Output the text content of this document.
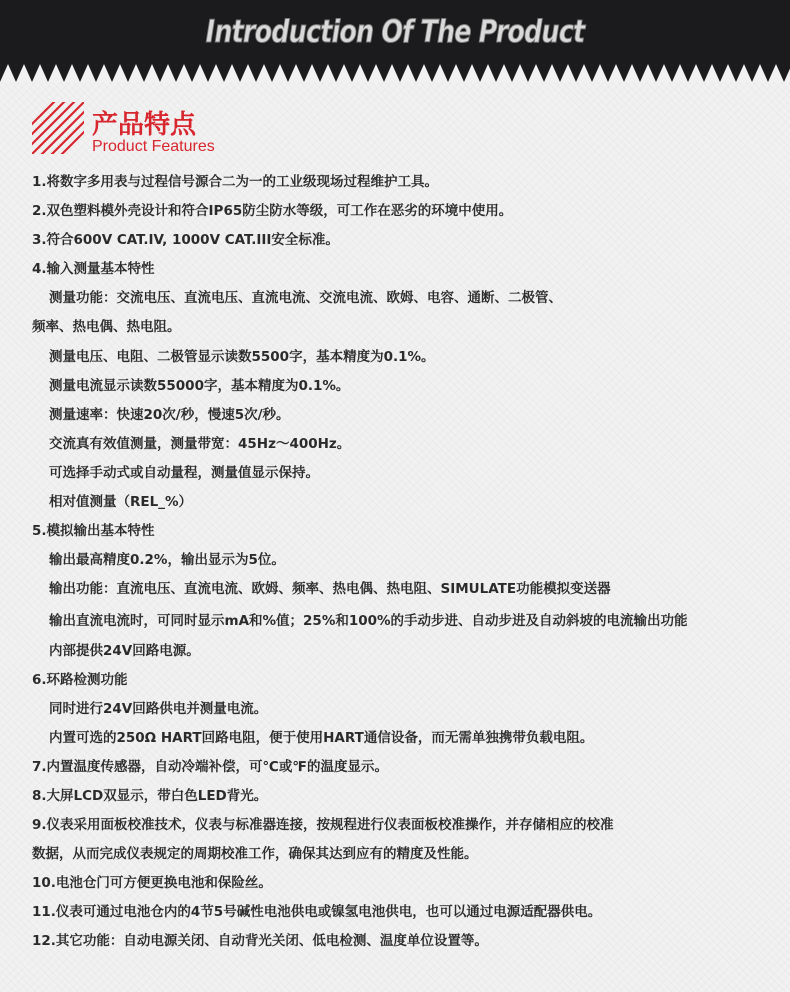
Introduction Of The Product
产品特点
Product Features
1.将数字多用表与过程信号源合二为一的工业级现场过程维护工具。
2.双色塑料模外壳设计和符合IP65防尘防水等级，可工作在恶劣的环境中使用。
3.符合600V CAT.IV, 1000V CAT.III安全标准。
4.输入测量基本特性
测量功能：交流电压、直流电压、直流电流、交流电流、欧姆、电容、通断、二极管、
频率、热电偶、热电阻。
测量电压、电阻、二极管显示读数5500字，基本精度为0.1%。
测量电流显示读数55000字，基本精度为0.1%。
测量速率：快速20次/秒，慢速5次/秒。
交流真有效值测量，测量带宽：45Hz～400Hz。
可选择手动式或自动量程，测量值显示保持。
相对值测量（REL_%）
5.模拟输出基本特性
输出最高精度0.2%，输出显示为5位。
输出功能：直流电压、直流电流、欧姆、频率、热电偶、热电阻、SIMULATE功能模拟变送器
输出直流电流时，可同时显示mA和%值；25%和100%的手动步进、自动步进及自动斜坡的电流输出功能
内部提供24V回路电源。
6.环路检测功能
同时进行24V回路供电并测量电流。
内置可选的250Ω HART回路电阻，便于使用HART通信设备，而无需单独携带负载电阻。
7.内置温度传感器，自动冷端补偿，可℃或℉的温度显示。
8.大屏LCD双显示，带白色LED背光。
9.仪表采用面板校准技术，仪表与标准器连接，按规程进行仪表面板校准操作，并存储相应的校准
数据，从而完成仪表规定的周期校准工作，确保其达到应有的精度及性能。
10.电池仓门可方便更换电池和保险丝。
11.仪表可通过电池仓内的4节5号碱性电池供电或镍氢电池供电，也可以通过电源适配器供电。
12.其它功能：自动电源关闭、自动背光关闭、低电检测、温度单位设置等。
